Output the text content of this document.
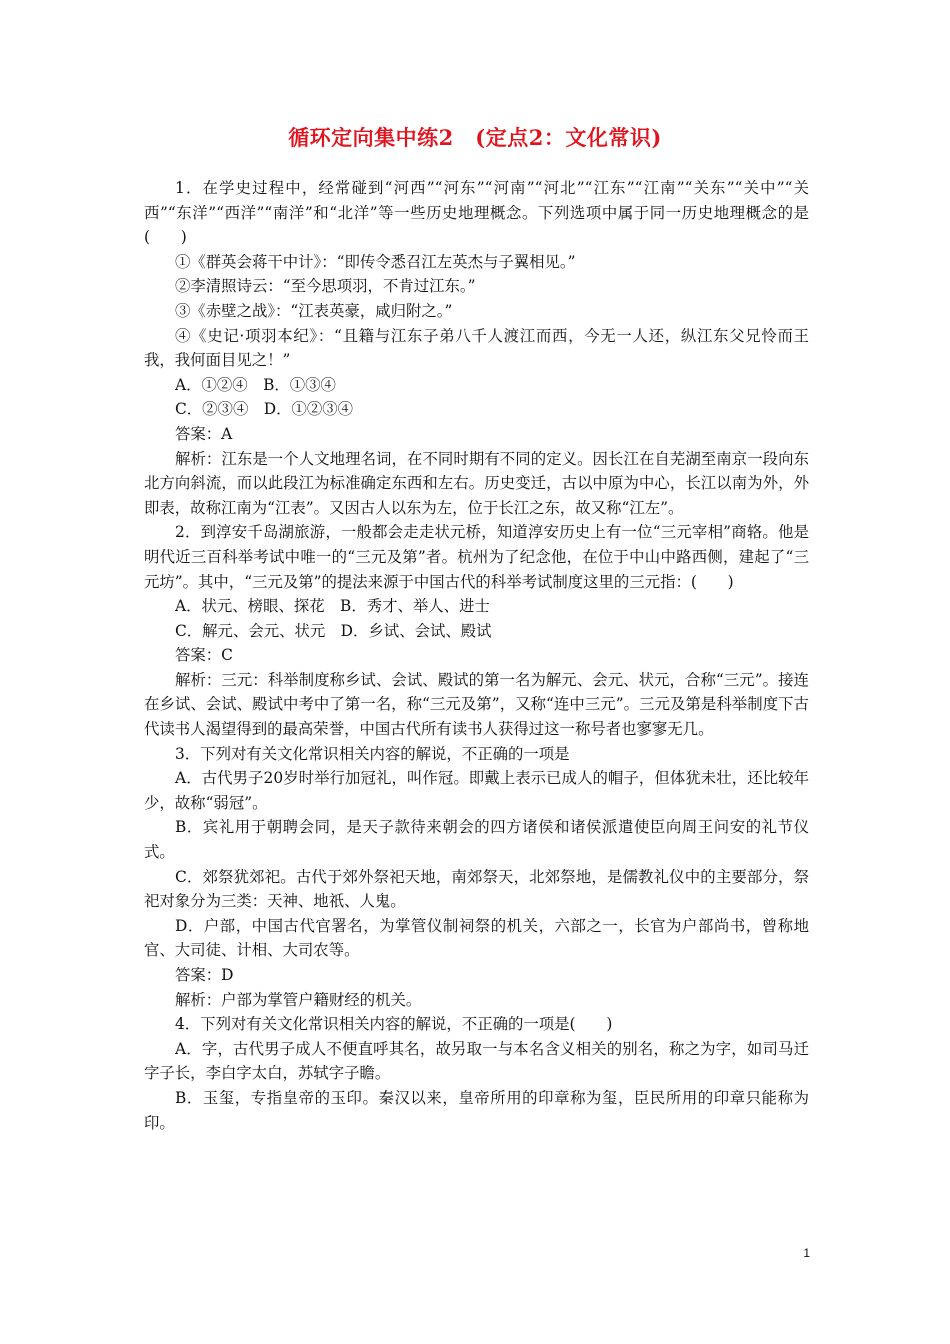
循环定向集中练2　(定点2：文化常识)

1．在学史过程中，经常碰到“河西”“河东”“河南”“河北”“江东”“江南”“关东”“关中”“关西”“东洋”“西洋”“南洋”和“北洋”等一些历史地理概念。下列选项中属于同一历史地理概念的是(　　)

①《群英会蒋干中计》：“即传令悉召江左英杰与子翼相见。”

②李清照诗云：“至今思项羽，不肯过江东。”

③《赤壁之战》：“江表英豪，咸归附之。”

④《史记·项羽本纪》：“且籍与江东子弟八千人渡江而西，今无一人还，纵江东父兄怜而王我，我何面目见之！”

A．①②④　B．①③④

C．②③④　D．①②③④

答案：A

解析：江东是一个人文地理名词，在不同时期有不同的定义。因长江在自芜湖至南京一段向东北方向斜流，而以此段江为标准确定东西和左右。历史变迁，古以中原为中心，长江以南为外，外即表，故称江南为“江表”。又因古人以东为左，位于长江之东，故又称“江左”。

2．到淳安千岛湖旅游，一般都会走走状元桥，知道淳安历史上有一位“三元宰相”商辂。他是明代近三百科举考试中唯一的“三元及第”者。杭州为了纪念他，在位于中山中路西侧，建起了“三元坊”。其中，“三元及第”的提法来源于中国古代的科举考试制度这里的三元指：(　　)

A．状元、榜眼、探花　B．秀才、举人、进士

C．解元、会元、状元　D．乡试、会试、殿试

答案：C

解析：三元：科举制度称乡试、会试、殿试的第一名为解元、会元、状元，合称“三元”。接连在乡试、会试、殿试中考中了第一名，称“三元及第”，又称“连中三元”。三元及第是科举制度下古代读书人渴望得到的最高荣誉，中国古代所有读书人获得过这一称号者也寥寥无几。

3．下列对有关文化常识相关内容的解说，不正确的一项是

A．古代男子20岁时举行加冠礼，叫作冠。即戴上表示已成人的帽子，但体犹未壮，还比较年少，故称“弱冠”。

B．宾礼用于朝聘会同，是天子款待来朝会的四方诸侯和诸侯派遣使臣向周王问安的礼节仪式。

C．郊祭犹郊祀。古代于郊外祭祀天地，南郊祭天，北郊祭地，是儒教礼仪中的主要部分，祭祀对象分为三类：天神、地祇、人鬼。

D．户部，中国古代官署名，为掌管仪制祠祭的机关，六部之一，长官为户部尚书，曾称地官、大司徒、计相、大司农等。

答案：D

解析：户部为掌管户籍财经的机关。

4．下列对有关文化常识相关内容的解说，不正确的一项是(　　)

A．字，古代男子成人不便直呼其名，故另取一与本名含义相关的别名，称之为字，如司马迁字子长，李白字太白，苏轼字子瞻。

B．玉玺，专指皇帝的玉印。秦汉以来，皇帝所用的印章称为玺，臣民所用的印章只能称为印。

1
